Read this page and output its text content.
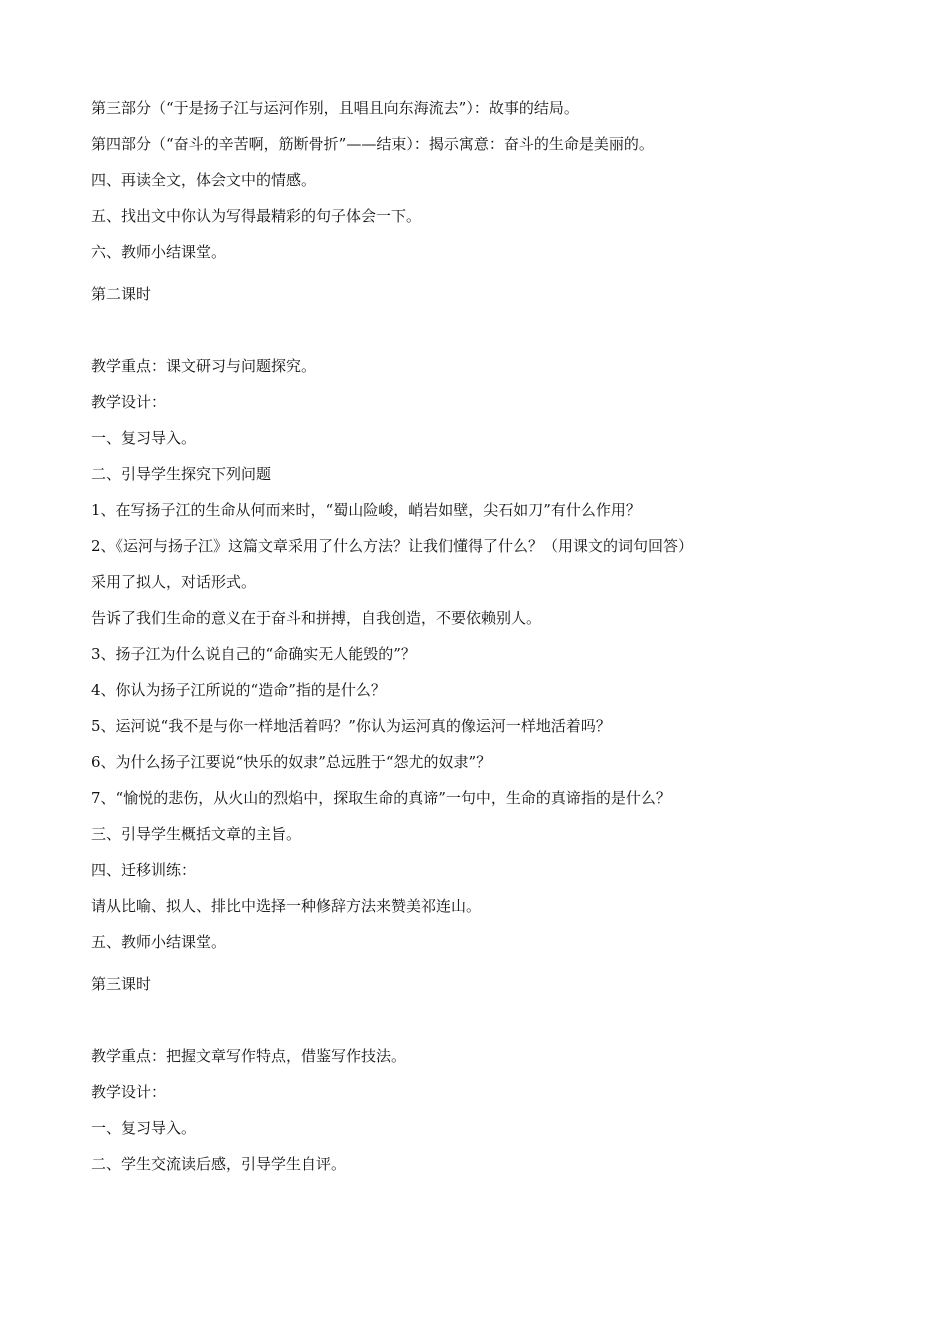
第三部分（“于是扬子江与运河作别，且唱且向东海流去”）：故事的结局。
第四部分（“奋斗的辛苦啊，筋断骨折”——结束）：揭示寓意：奋斗的生命是美丽的。
四、再读全文，体会文中的情感。
五、找出文中你认为写得最精彩的句子体会一下。
六、教师小结课堂。
第二课时
教学重点：课文研习与问题探究。
教学设计：
一、复习导入。
二、引导学生探究下列问题
1、在写扬子江的生命从何而来时，“蜀山险峻，峭岩如壁，尖石如刀”有什么作用？
2、《运河与扬子江》这篇文章采用了什么方法？让我们懂得了什么？（用课文的词句回答）
采用了拟人，对话形式。
告诉了我们生命的意义在于奋斗和拼搏，自我创造，不要依赖别人。
3、扬子江为什么说自己的“命确实无人能毁的”？
4、你认为扬子江所说的“造命”指的是什么？
5、运河说“我不是与你一样地活着吗？”你认为运河真的像运河一样地活着吗？
6、为什么扬子江要说“快乐的奴隶”总远胜于“怨尤的奴隶”？
7、“愉悦的悲伤，从火山的烈焰中，探取生命的真谛”一句中，生命的真谛指的是什么？
三、引导学生概括文章的主旨。
四、迁移训练：
请从比喻、拟人、排比中选择一种修辞方法来赞美祁连山。
五、教师小结课堂。
第三课时
教学重点：把握文章写作特点，借鉴写作技法。
教学设计：
一、复习导入。
二、学生交流读后感，引导学生自评。
